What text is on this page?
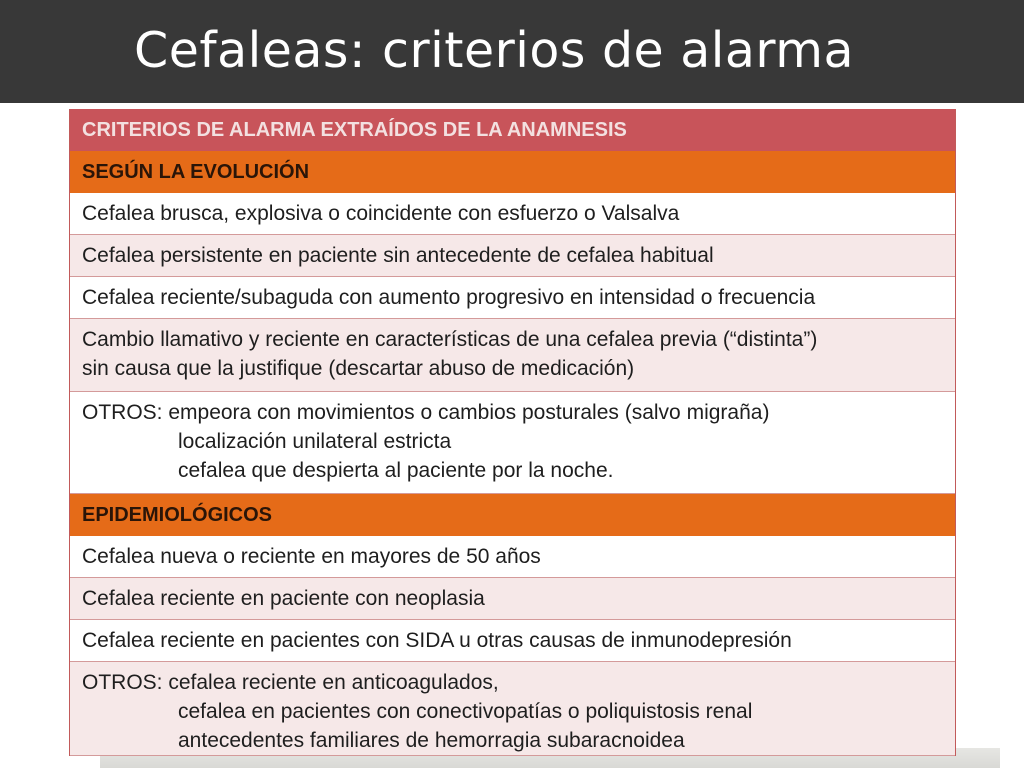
Cefaleas: criterios de alarma
CRITERIOS DE ALARMA EXTRAÍDOS DE LA ANAMNESIS
SEGÚN LA EVOLUCIÓN
Cefalea brusca, explosiva o coincidente con esfuerzo o Valsalva
Cefalea persistente en paciente sin antecedente de cefalea habitual
Cefalea reciente/subaguda con aumento progresivo en intensidad o frecuencia
Cambio llamativo y reciente en características de una cefalea previa (“distinta”)
sin causa que la justifique (descartar abuso de medicación)
OTROS: empeora con movimientos o cambios posturales (salvo migraña)
localización unilateral estricta
cefalea que despierta al paciente por la noche.
EPIDEMIOLÓGICOS
Cefalea nueva o reciente en mayores de 50 años
Cefalea reciente en paciente con neoplasia
Cefalea reciente en pacientes con SIDA u otras causas de inmunodepresión
OTROS: cefalea reciente en anticoagulados,
cefalea en pacientes con conectivopatías o poliquistosis renal
antecedentes familiares de hemorragia subaracnoidea
